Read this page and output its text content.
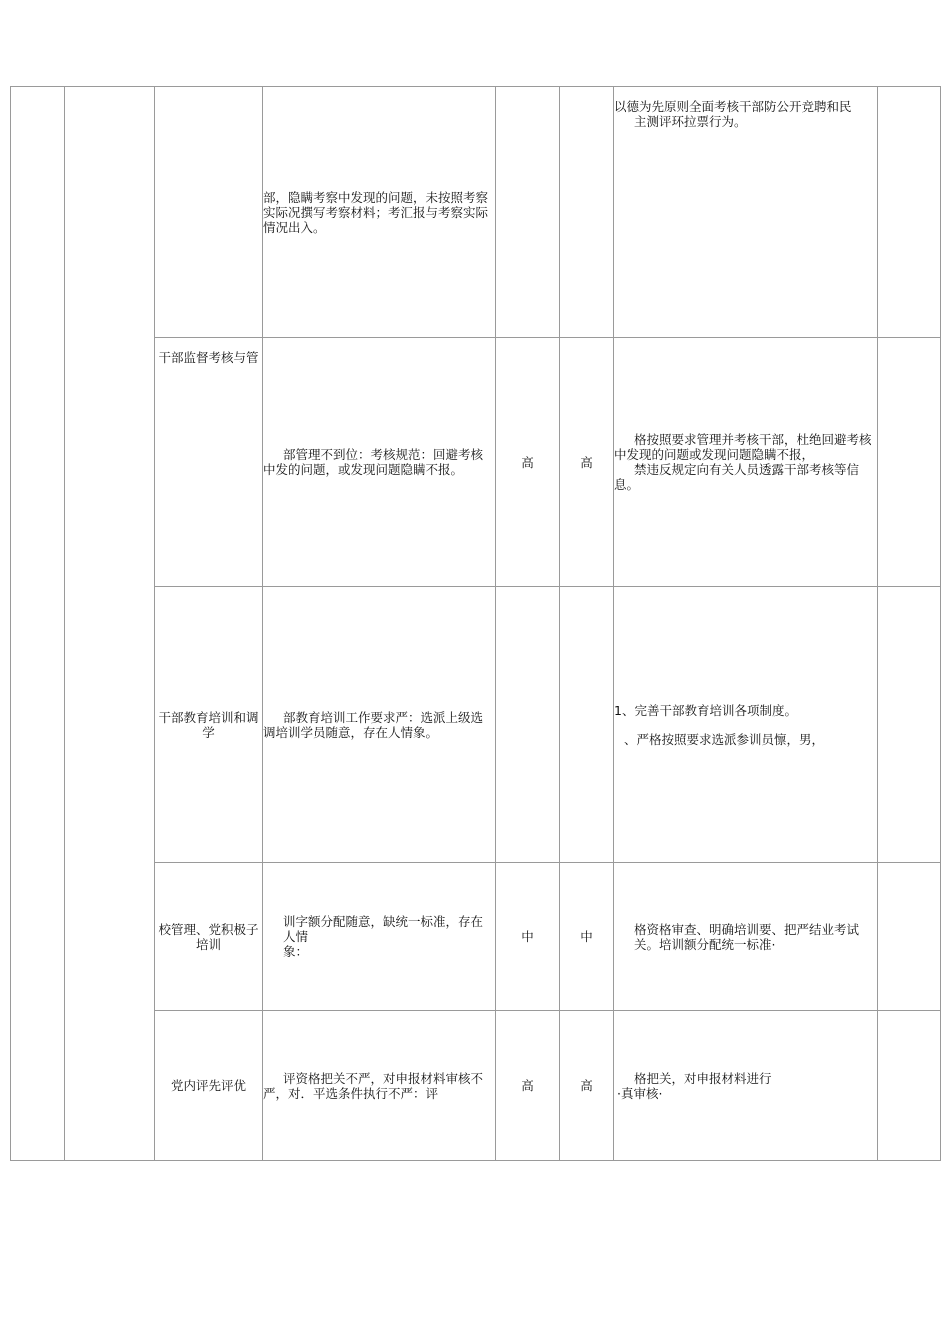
			部，隐瞒考察中发现的问题，未按照考察实际况撰写考察材料；考汇报与考察实际情况出入。			以德为先原则全面考核干部防公开竞聘和民
主测评环拉票行为。	

		干部监督考核与管	部管理不到位：考核规范：回避考核中发的问题，或发现问题隐瞒不报。	高	高	格按照要求管理并考核干部，杜绝回避考核中发现的问题或发现问题隐瞒不报，
禁违反规定向有关人员透露干部考核等信息。	

		干部教育培训和调学	部教育培训工作要求严：选派上级选调培训学员随意，存在人情象。			1、完善干部教育培训各项制度。
、严格按照要求选派参训员懔，男，	

		校管理、党积极子培训	训字额分配随意，缺统一标准，存在人情
象：	中	中	格资格审查、明确培训要、把严结业考试关。培训额分配统一标准·	

		党内评先评优	评资格把关不严，对申报材料审核不严，对．平选条件执行不严：评	高	高	格把关，对申报材料进行
·真审核·	
